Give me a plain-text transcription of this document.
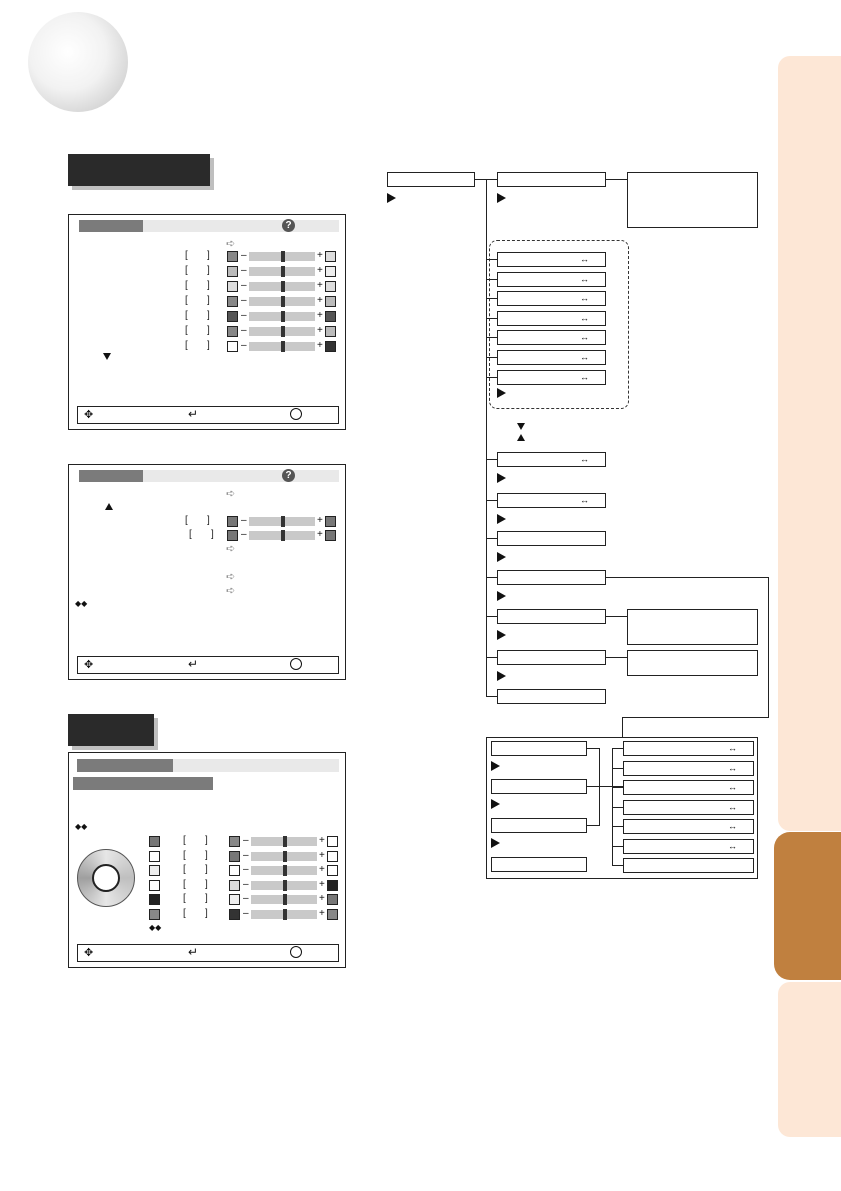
?
➪
[ ]	–	+
[ ]	–	+
[ ]	–	+
[ ]	–	+
[ ]	–	+
[ ]	–	+
[ ]	–	+
✥	↵
?
➪
[ ]	–	+
[ ]	–	+
➪
➪
➪
◆◆
✥	↵
◆◆
[ ]	–	+
[ ]	–	+
[ ]	–	+
[ ]	–	+
[ ]	–	+
[ ]	–	+
◆◆
✥	↵
↔
↔
↔
↔
↔
↔
↔
↔
↔
↔
↔
↔
↔
↔
↔
